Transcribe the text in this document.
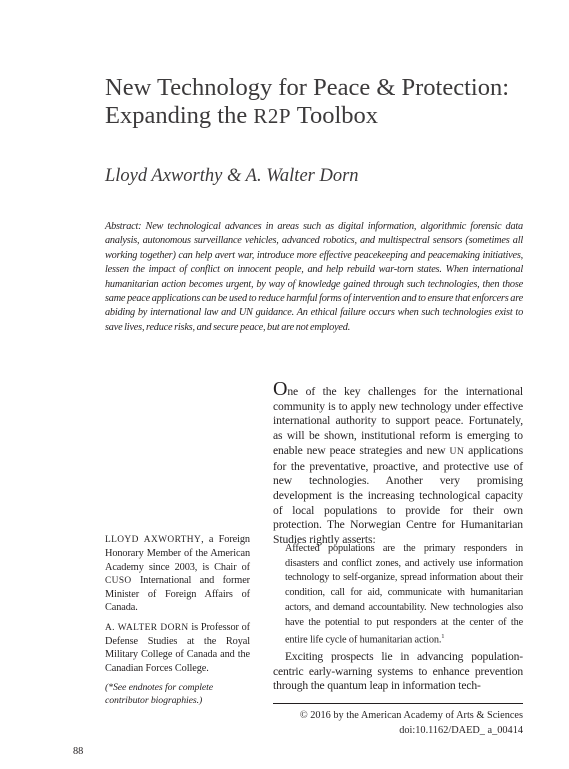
New Technology for Peace & Protection:
Expanding the R2P Toolbox
Lloyd Axworthy & A. Walter Dorn
Abstract: New technological advances in areas such as digital information, algorithmic forensic data analysis, autonomous surveillance vehicles, advanced robotics, and multispectral sensors (sometimes all working together) can help avert war, introduce more effective peacekeeping and peacemaking initiatives, lessen the impact of conflict on innocent people, and help rebuild war-torn states. When international humanitarian action becomes urgent, by way of knowledge gained through such technologies, then those same peace applications can be used to reduce harmful forms of intervention and to ensure that enforcers are abiding by international law and UN guidance. An ethical failure occurs when such technologies exist to save lives, reduce risks, and secure peace, but are not employed.

One of the key challenges for the international community is to apply new technology under effective international authority to support peace. Fortunately, as will be shown, institutional reform is emerging to enable new peace strategies and new UN applications for the preventative, proactive, and protective use of new technologies. Another very promising development is the increasing technological capacity of local populations to provide for their own protection. The Norwegian Centre for Humanitarian Studies rightly asserts:

Affected populations are the primary responders in disasters and conflict zones, and actively use information technology to self-organize, spread information about their condition, call for aid, communicate with humanitarian actors, and demand accountability. New technologies also have the potential to put responders at the center of the entire life cycle of humanitarian action.$^1$

Exciting prospects lie in advancing population-centric early-warning systems to enhance prevention through the quantum leap in information tech-

LLOYD AXWORTHY, a Foreign Honorary Member of the American Academy since 2003, is Chair of CUSO International and former Minister of Foreign Affairs of Canada.

A. WALTER DORN is Professor of Defense Studies at the Royal Military College of Canada and the Canadian Forces College.

(*See endnotes for complete contributor biographies.)

© 2016 by the American Academy of Arts & Sciences
doi:10.1162/DAED_ a_00414
88
